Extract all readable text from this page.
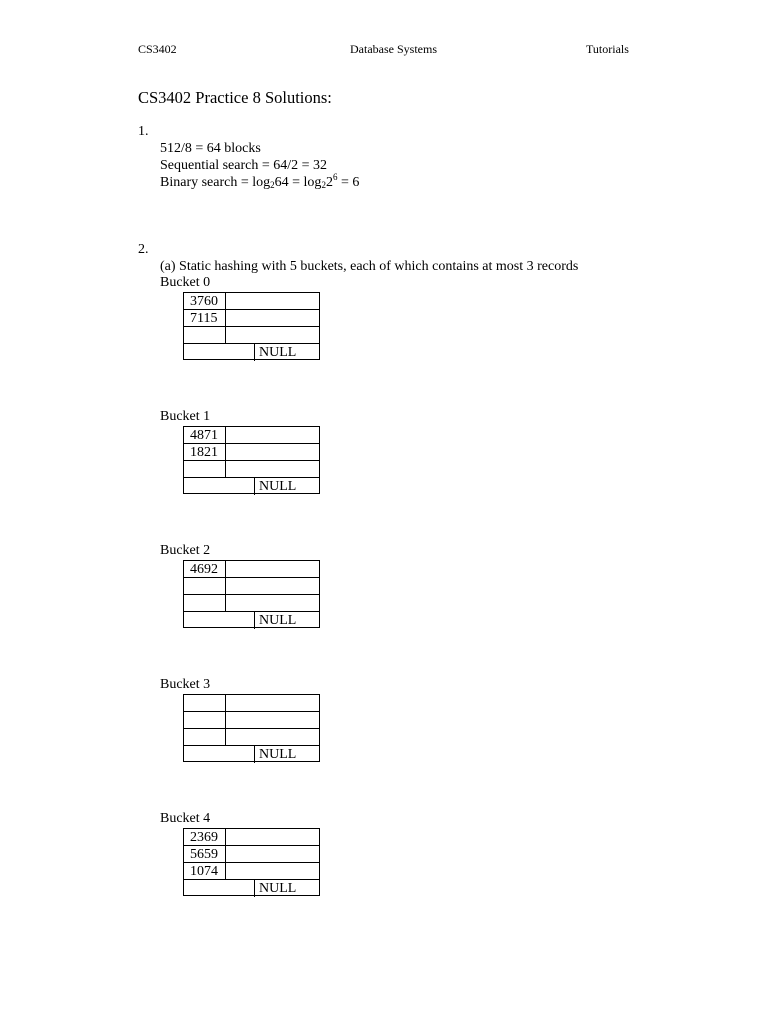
CS3402	Database Systems	Tutorials
CS3402 Practice 8 Solutions:
1.
512/8 = 64 blocks
Sequential search = 64/2 = 32
Binary search = $\log_264 = \log_22^6 = 6$
2.
(a) Static hashing with 5 buckets, each of which contains at most 3 records
Bucket 0
3760
7115
NULL
Bucket 1
4871
1821
NULL
Bucket 2
4692
NULL
Bucket 3
NULL
Bucket 4
2369
5659
1074
NULL
